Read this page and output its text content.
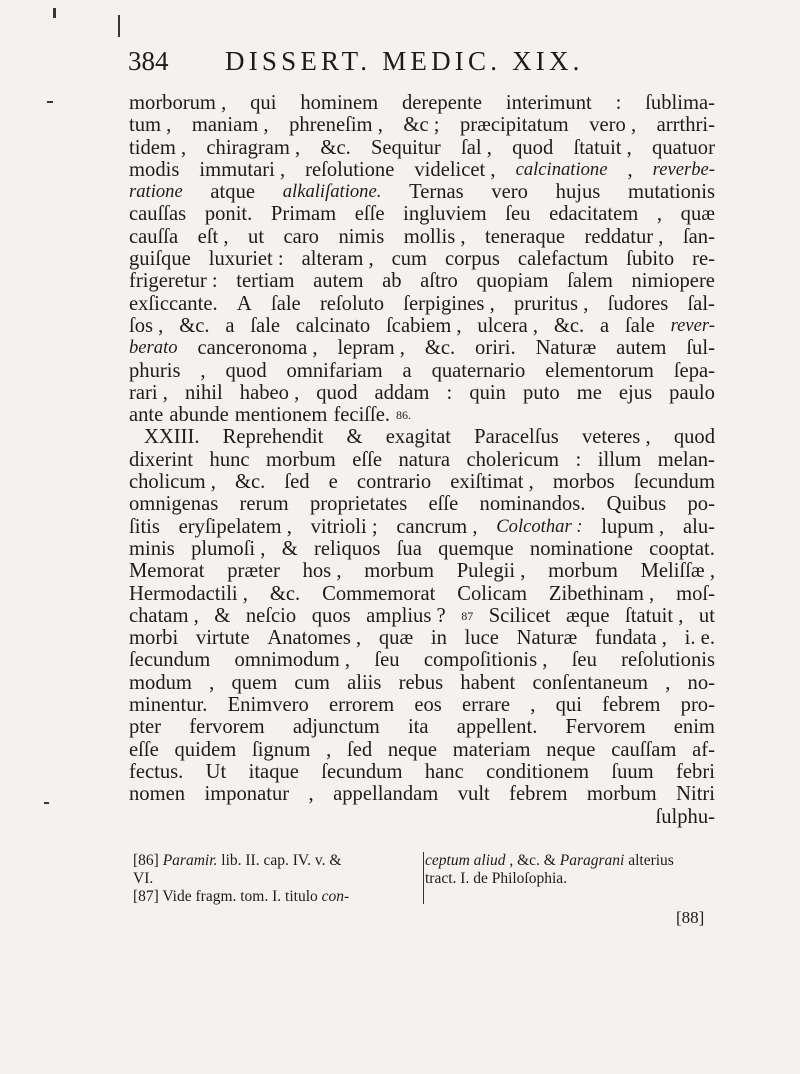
384 DISSERT. MEDIC. XIX.
morborum , qui hominem derepente interimunt : ſublima-
tum , maniam , phreneſim , &c ; præcipitatum vero , arrthri-
tidem , chiragram , &c. Sequitur ſal , quod ſtatuit , quatuor
modis immutari , reſolutione videlicet , calcinatione , reverbe-
ratione atque alkaliſatione. Ternas vero hujus mutationis
cauſſas ponit. Primam eſſe ingluviem ſeu edacitatem , quæ
cauſſa eſt , ut caro nimis mollis , teneraque reddatur , ſan-
guiſque luxuriet : alteram , cum corpus calefactum ſubito re-
frigeretur : tertiam autem ab aſtro quopiam ſalem nimiopere
exſiccante. A ſale reſoluto ſerpigines , pruritus , ſudores ſal-
ſos , &c. a ſale calcinato ſcabiem , ulcera , &c. a ſale rever-
berato canceronoma , lepram , &c. oriri. Naturæ autem ſul-
phuris , quod omnifariam a quaternario elementorum ſepa-
rari , nihil habeo , quod addam : quin puto me ejus paulo
ante abunde mentionem feciſſe. 86.
XXIII. Reprehendit & exagitat Paracelſus veteres , quod
dixerint hunc morbum eſſe natura cholericum : illum melan-
cholicum , &c. ſed e contrario exiſtimat , morbos ſecundum
omnigenas rerum proprietates eſſe nominandos. Quibus po-
ſitis eryſipelatem , vitrioli ; cancrum , Colcothar : lupum , alu-
minis plumoſi , & reliquos ſua quemque nominatione cooptat.
Memorat præter hos , morbum Pulegii , morbum Meliſſæ ,
Hermodactili , &c. Commemorat Colicam Zibethinam , moſ-
chatam , & neſcio quos amplius ? 87 Scilicet æque ſtatuit , ut
morbi virtute Anatomes , quæ in luce Naturæ fundata , i. e.
ſecundum omnimodum , ſeu compoſitionis , ſeu reſolutionis
modum , quem cum aliis rebus habent conſentaneum , no-
minentur. Enimvero errorem eos errare , qui febrem pro-
pter fervorem adjunctum ita appellent. Fervorem enim
eſſe quidem ſignum , ſed neque materiam neque cauſſam af-
fectus. Ut itaque ſecundum hanc conditionem ſuum febri
nomen imponatur , appellandam vult febrem morbum Nitri
ſulphu-
[86] Paramir. lib. II. cap. IV. v. &
VI.
[87] Vide fragm. tom. I. titulo con-
ceptum aliud , &c. & Paragrani alterius
tract. I. de Philoſophia.
[88]
